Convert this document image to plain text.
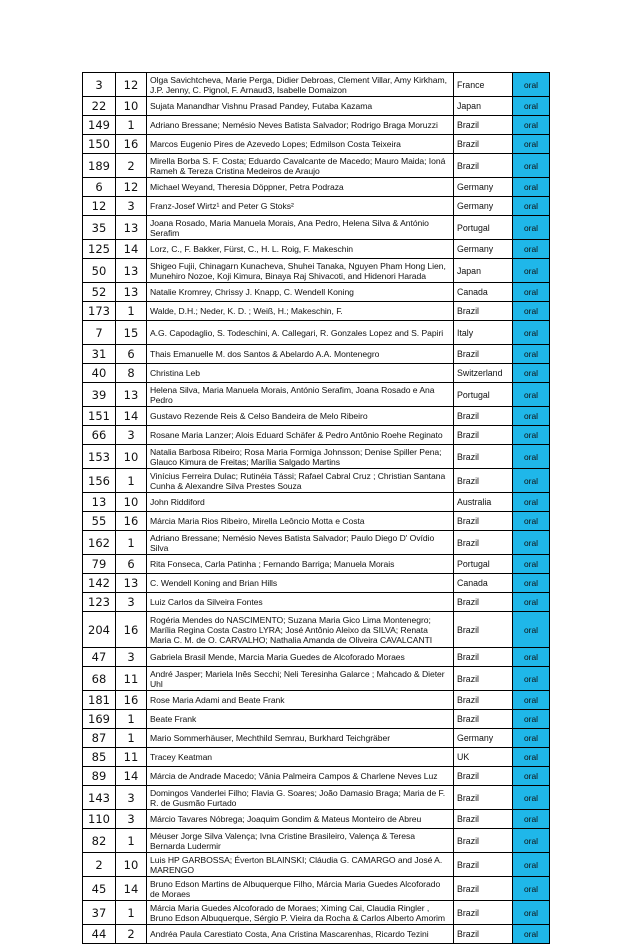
3	12	Olga Savichtcheva, Marie Perga, Didier Debroas, Clement Villar, Amy Kirkham, J.P. Jenny, C. Pignol, F. Arnaud3, Isabelle Domaizon	France	oral
22	10	Sujata Manandhar Vishnu Prasad Pandey, Futaba Kazama	Japan	oral
149	1	Adriano Bressane; Nemésio Neves Batista Salvador; Rodrigo Braga Moruzzi	Brazil	oral
150	16	Marcos Eugenio Pires de Azevedo Lopes; Edmilson Costa Teixeira	Brazil	oral
189	2	Mirella Borba S. F. Costa; Eduardo Cavalcante de Macedo; Mauro Maida; Ioná Rameh & Tereza Cristina Medeiros de Araujo	Brazil	oral
6	12	Michael Weyand, Theresia Döppner, Petra Podraza	Germany	oral
12	3	Franz-Josef Wirtz¹ and Peter G Stoks²	Germany	oral
35	13	Joana Rosado, Maria Manuela Morais, Ana Pedro, Helena Silva & António Serafim	Portugal	oral
125	14	Lorz, C., F. Bakker, Fürst, C., H. L. Roig, F. Makeschin	Germany	oral
50	13	Shigeo Fujii, Chinagarn Kunacheva, Shuhei Tanaka, Nguyen Pham Hong Lien, Munehiro Nozoe, Koji Kimura, Binaya Raj Shivacoti, and Hidenori Harada	Japan	oral
52	13	Natalie Kromrey, Chrissy J. Knapp, C. Wendell Koning	Canada	oral
173	1	Walde, D.H.; Neder, K. D. ; Weiß, H.; Makeschin, F.	Brazil	oral
7	15	A.G. Capodaglio, S. Todeschini, A. Callegari, R. Gonzales Lopez and S. Papiri	Italy	oral
31	6	Thais Emanuelle M. dos Santos & Abelardo A.A. Montenegro	Brazil	oral
40	8	Christina Leb	Switzerland	oral
39	13	Helena Silva, Maria Manuela Morais, António Serafim, Joana Rosado e Ana Pedro	Portugal	oral
151	14	Gustavo Rezende Reis & Celso Bandeira de Melo Ribeiro	Brazil	oral
66	3	Rosane Maria Lanzer; Alois Eduard Schäfer & Pedro Antônio Roehe Reginato	Brazil	oral
153	10	Natalia Barbosa Ribeiro; Rosa Maria Formiga Johnsson; Denise Spiller Pena; Glauco Kimura de Freitas; Marília Salgado Martins	Brazil	oral
156	1	Vinícius Ferreira Dulac; Rutinéia Tássi; Rafael Cabral Cruz ; Christian Santana Cunha & Alexandre Silva Prestes Souza	Brazil	oral
13	10	John Riddiford	Australia	oral
55	16	Márcia Maria Rios Ribeiro, Mirella Leôncio Motta e Costa	Brazil	oral
162	1	Adriano Bressane; Nemésio Neves Batista Salvador; Paulo Diego D' Ovídio Silva	Brazil	oral
79	6	Rita Fonseca, Carla Patinha ; Fernando Barriga; Manuela Morais	Portugal	oral
142	13	C. Wendell Koning and Brian Hills	Canada	oral
123	3	Luiz Carlos da Silveira Fontes	Brazil	oral
204	16	Rogéria Mendes do NASCIMENTO; Suzana Maria Gico Lima Montenegro; Marília Regina Costa Castro LYRA; José Antônio Aleixo da SILVA; Renata Maria C. M. de O. CARVALHO; Nathalia Amanda de Oliveira CAVALCANTI	Brazil	oral
47	3	Gabriela Brasil Mende, Marcia Maria Guedes de Alcoforado Moraes	Brazil	oral
68	11	André Jasper; Mariela Inês Secchi; Neli Teresinha Galarce ; Mahcado & Dieter Uhl	Brazil	oral
181	16	Rose Maria Adami and Beate Frank	Brazil	oral
169	1	Beate Frank	Brazil	oral
87	1	Mario Sommerhäuser, Mechthild Semrau, Burkhard Teichgräber	Germany	oral
85	11	Tracey Keatman	UK	oral
89	14	Márcia de Andrade Macedo; Vânia Palmeira Campos & Charlene Neves Luz	Brazil	oral
143	3	Domingos Vanderlei Filho; Flavia G. Soares; João Damasio Braga; Maria de F. R. de Gusmão Furtado	Brazil	oral
110	3	Márcio Tavares Nóbrega; Joaquim Gondim & Mateus Monteiro de Abreu	Brazil	oral
82	1	Méuser Jorge Silva Valença; Ivna Cristine Brasileiro, Valença & Teresa Bernarda Ludermir	Brazil	oral
2	10	Luis HP GARBOSSA; Éverton BLAINSKI; Cláudia G. CAMARGO and José A. MARENGO	Brazil	oral
45	14	Bruno Edson Martins de Albuquerque Filho, Márcia Maria Guedes Alcoforado de Moraes	Brazil	oral
37	1	Márcia Maria Guedes Alcoforado de Moraes; Ximing Cai, Claudia Ringler , Bruno Edson Albuquerque, Sérgio P. Vieira da Rocha & Carlos Alberto Amorim	Brazil	oral
44	2	Andréa Paula Carestiato Costa, Ana Cristina Mascarenhas, Ricardo Tezini	Brazil	oral
